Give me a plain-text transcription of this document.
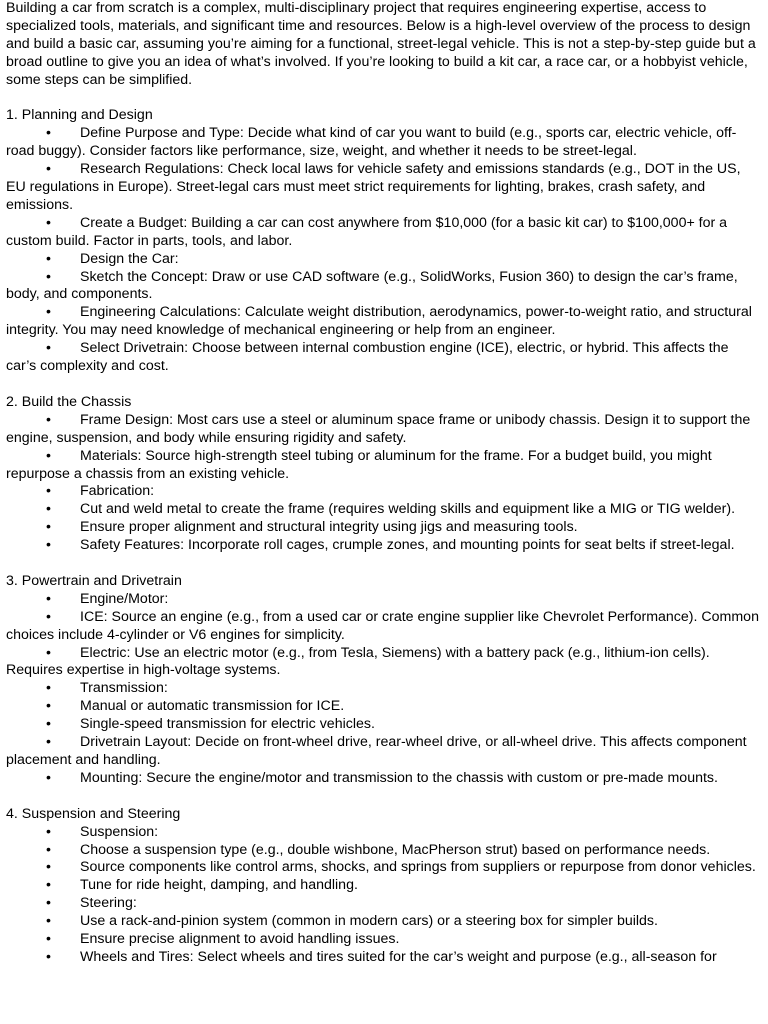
Building a car from scratch is a complex, multi-disciplinary project that requires engineering expertise, access to specialized tools, materials, and significant time and resources. Below is a high-level overview of the process to design and build a basic car, assuming you’re aiming for a functional, street-legal vehicle. This is not a step-by-step guide but a broad outline to give you an idea of what’s involved. If you’re looking to build a kit car, a race car, or a hobbyist vehicle, some steps can be simplified.

1. Planning and Design

• Define Purpose and Type: Decide what kind of car you want to build (e.g., sports car, electric vehicle, off-road buggy). Consider factors like performance, size, weight, and whether it needs to be street-legal.

• Research Regulations: Check local laws for vehicle safety and emissions standards (e.g., DOT in the US, EU regulations in Europe). Street-legal cars must meet strict requirements for lighting, brakes, crash safety, and emissions.

• Create a Budget: Building a car can cost anywhere from $10,000 (for a basic kit car) to $100,000+ for a custom build. Factor in parts, tools, and labor.

• Design the Car:

• Sketch the Concept: Draw or use CAD software (e.g., SolidWorks, Fusion 360) to design the car’s frame, body, and components.

• Engineering Calculations: Calculate weight distribution, aerodynamics, power-to-weight ratio, and structural integrity. You may need knowledge of mechanical engineering or help from an engineer.

• Select Drivetrain: Choose between internal combustion engine (ICE), electric, or hybrid. This affects the car’s complexity and cost.

2. Build the Chassis

• Frame Design: Most cars use a steel or aluminum space frame or unibody chassis. Design it to support the engine, suspension, and body while ensuring rigidity and safety.

• Materials: Source high-strength steel tubing or aluminum for the frame. For a budget build, you might repurpose a chassis from an existing vehicle.

• Fabrication:

• Cut and weld metal to create the frame (requires welding skills and equipment like a MIG or TIG welder).

• Ensure proper alignment and structural integrity using jigs and measuring tools.

• Safety Features: Incorporate roll cages, crumple zones, and mounting points for seat belts if street-legal.

3. Powertrain and Drivetrain

• Engine/Motor:

• ICE: Source an engine (e.g., from a used car or crate engine supplier like Chevrolet Performance). Common choices include 4-cylinder or V6 engines for simplicity.

• Electric: Use an electric motor (e.g., from Tesla, Siemens) with a battery pack (e.g., lithium-ion cells). Requires expertise in high-voltage systems.

• Transmission:

• Manual or automatic transmission for ICE.

• Single-speed transmission for electric vehicles.

• Drivetrain Layout: Decide on front-wheel drive, rear-wheel drive, or all-wheel drive. This affects component placement and handling.

• Mounting: Secure the engine/motor and transmission to the chassis with custom or pre-made mounts.

4. Suspension and Steering

• Suspension:

• Choose a suspension type (e.g., double wishbone, MacPherson strut) based on performance needs.

• Source components like control arms, shocks, and springs from suppliers or repurpose from donor vehicles.

• Tune for ride height, damping, and handling.

• Steering:

• Use a rack-and-pinion system (common in modern cars) or a steering box for simpler builds.

• Ensure precise alignment to avoid handling issues.

• Wheels and Tires: Select wheels and tires suited for the car’s weight and purpose (e.g., all-season for
